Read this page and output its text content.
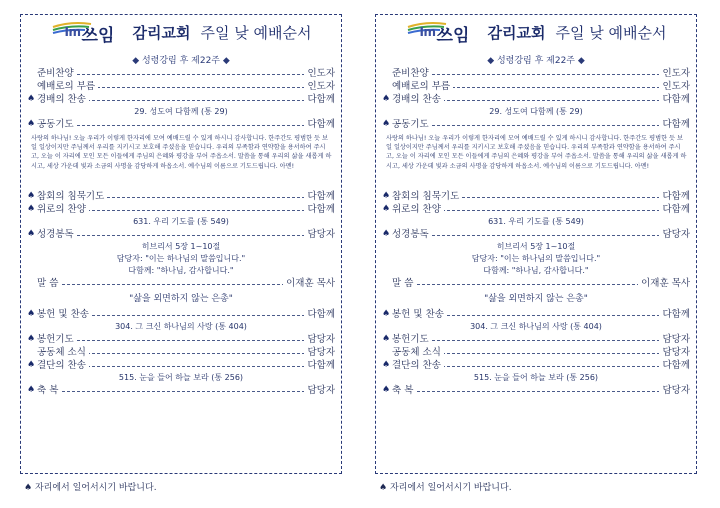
Im 쓰임 감리교회 주일 낮 예배순서
◆ 성령강림 후 제22주 ◆
준비찬양	인도자
예배로의 부름	인도자
♠ 경배의 찬송	다함께
29. 성도여 다함께 (통 29)
♠ 공동기도	다함께
사랑의 하나님! 오늘 우리가 이렇게 한자리에 모여 예배드릴 수 있게 하시니 감사합니다. 한주간도 평범한 듯 보일 일상이지만 주님께서 우리를 지키시고 보호해 주셨음을 믿습니다. 우리의 부족함과 연약함을 용서하여 주시고, 오늘 이 자리에 모인 모든 이들에게 주님의 은혜와 평강을 부어 주옵소서. 말씀을 통해 우리의 삶을 새롭게 하시고, 세상 가운데 빛과 소금의 사명을 감당하게 하옵소서. 예수님의 이름으로 기도드립니다. 아멘!
♠ 참회의 침묵기도	다함께
♠ 위로의 찬양	다함께
631. 우리 기도를 (통 549)
♠ 성경봉독	담당자
히브리서 5장 1~10절
담당자: "이는 하나님의 말씀입니다."
다함께: "하나님, 감사합니다."
말 씀	이재훈 목사
"삶을 외면하지 않는 은총"
♠ 봉헌 및 찬송	다함께
304. 그 크신 하나님의 사랑 (통 404)
♠ 봉헌기도	담당자
공동체 소식	담당자
♠ 결단의 찬송	다함께
515. 눈을 들어 하늘 보라 (통 256)
♠ 축 복	담당자
♠ 자리에서 일어서시기 바랍니다.
Im 쓰임 감리교회 주일 낮 예배순서
◆ 성령강림 후 제22주 ◆
준비찬양	인도자
예배로의 부름	인도자
♠ 경배의 찬송	다함께
29. 성도여 다함께 (통 29)
♠ 공동기도	다함께
사랑의 하나님! 오늘 우리가 이렇게 한자리에 모여 예배드릴 수 있게 하시니 감사합니다. 한주간도 평범한 듯 보일 일상이지만 주님께서 우리를 지키시고 보호해 주셨음을 믿습니다. 우리의 부족함과 연약함을 용서하여 주시고, 오늘 이 자리에 모인 모든 이들에게 주님의 은혜와 평강을 부어 주옵소서. 말씀을 통해 우리의 삶을 새롭게 하시고, 세상 가운데 빛과 소금의 사명을 감당하게 하옵소서. 예수님의 이름으로 기도드립니다. 아멘!
♠ 참회의 침묵기도	다함께
♠ 위로의 찬양	다함께
631. 우리 기도를 (통 549)
♠ 성경봉독	담당자
히브리서 5장 1~10절
담당자: "이는 하나님의 말씀입니다."
다함께: "하나님, 감사합니다."
말 씀	이재훈 목사
"삶을 외면하지 않는 은총"
♠ 봉헌 및 찬송	다함께
304. 그 크신 하나님의 사랑 (통 404)
♠ 봉헌기도	담당자
공동체 소식	담당자
♠ 결단의 찬송	다함께
515. 눈을 들어 하늘 보라 (통 256)
♠ 축 복	담당자
♠ 자리에서 일어서시기 바랍니다.
